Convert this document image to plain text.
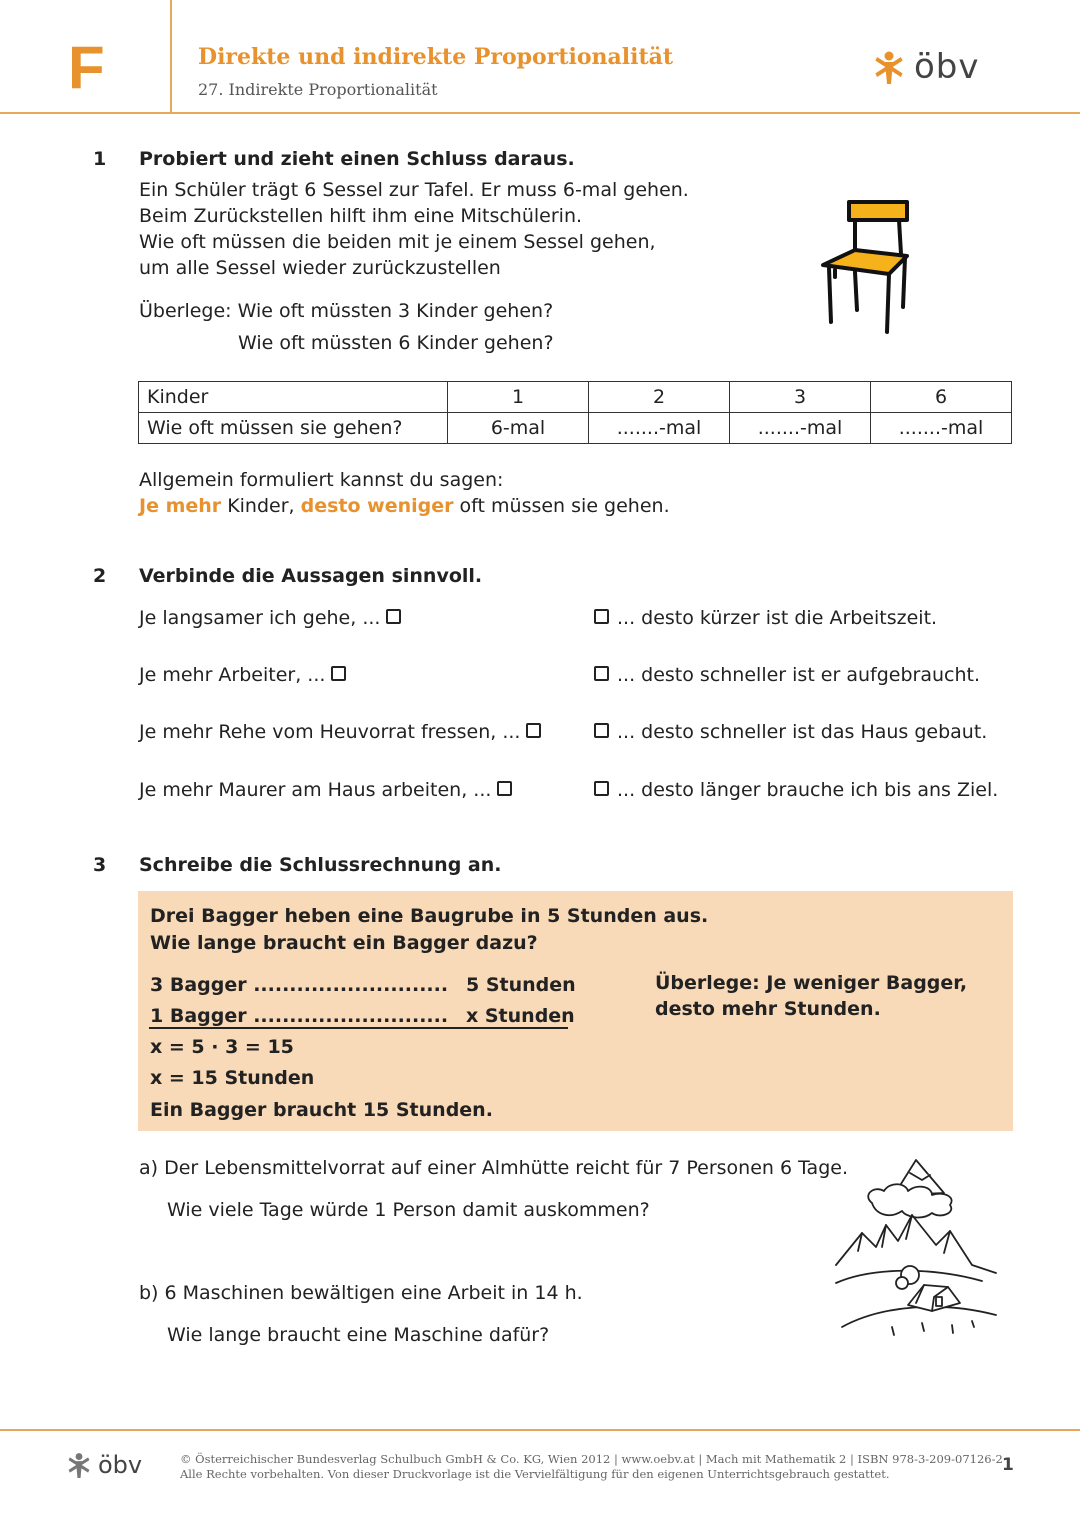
F	Direkte und indirekte Proportionalität
27. Indirekte Proportionalität
öbv
1 Probiert und zieht einen Schluss daraus.
Ein Schüler trägt 6 Sessel zur Tafel. Er muss 6-mal gehen.
Beim Zurückstellen hilft ihm eine Mitschülerin.
Wie oft müssen die beiden mit je einem Sessel gehen,
um alle Sessel wieder zurückzustellen
Überlege: Wie oft müssten 3 Kinder gehen?
Wie oft müssten 6 Kinder gehen?
Kinder	1	2	3	6
Wie oft müssen sie gehen?	6-mal	.......-mal	.......-mal	.......-mal
Allgemein formuliert kannst du sagen:
Je mehr Kinder, desto weniger oft müssen sie gehen.
2 Verbinde die Aussagen sinnvoll.
Je langsamer ich gehe, ...
Je mehr Arbeiter, ...
Je mehr Rehe vom Heuvorrat fressen, ...
Je mehr Maurer am Haus arbeiten, ...
... desto kürzer ist die Arbeitszeit.
... desto schneller ist er aufgebraucht.
... desto schneller ist das Haus gebaut.
... desto länger brauche ich bis ans Ziel.
3 Schreibe die Schlussrechnung an.
Drei Bagger heben eine Baugrube in 5 Stunden aus.
Wie lange braucht ein Bagger dazu?
3 Bagger ........................... 5 Stunden
1 Bagger ........................... x Stunden
x = 5 · 3 = 15
x = 15 Stunden
Ein Bagger braucht 15 Stunden.
Überlege: Je weniger Bagger,
desto mehr Stunden.
a) Der Lebensmittelvorrat auf einer Almhütte reicht für 7 Personen 6 Tage.
Wie viele Tage würde 1 Person damit auskommen?
b) 6 Maschinen bewältigen eine Arbeit in 14 h.
Wie lange braucht eine Maschine dafür?
öbv	© Österreichischer Bundesverlag Schulbuch GmbH & Co. KG, Wien 2012 | www.oebv.at | Mach mit Mathematik 2 | ISBN 978-3-209-07126-2
Alle Rechte vorbehalten. Von dieser Druckvorlage ist die Vervielfältigung für den eigenen Unterrichtsgebrauch gestattet.	1
